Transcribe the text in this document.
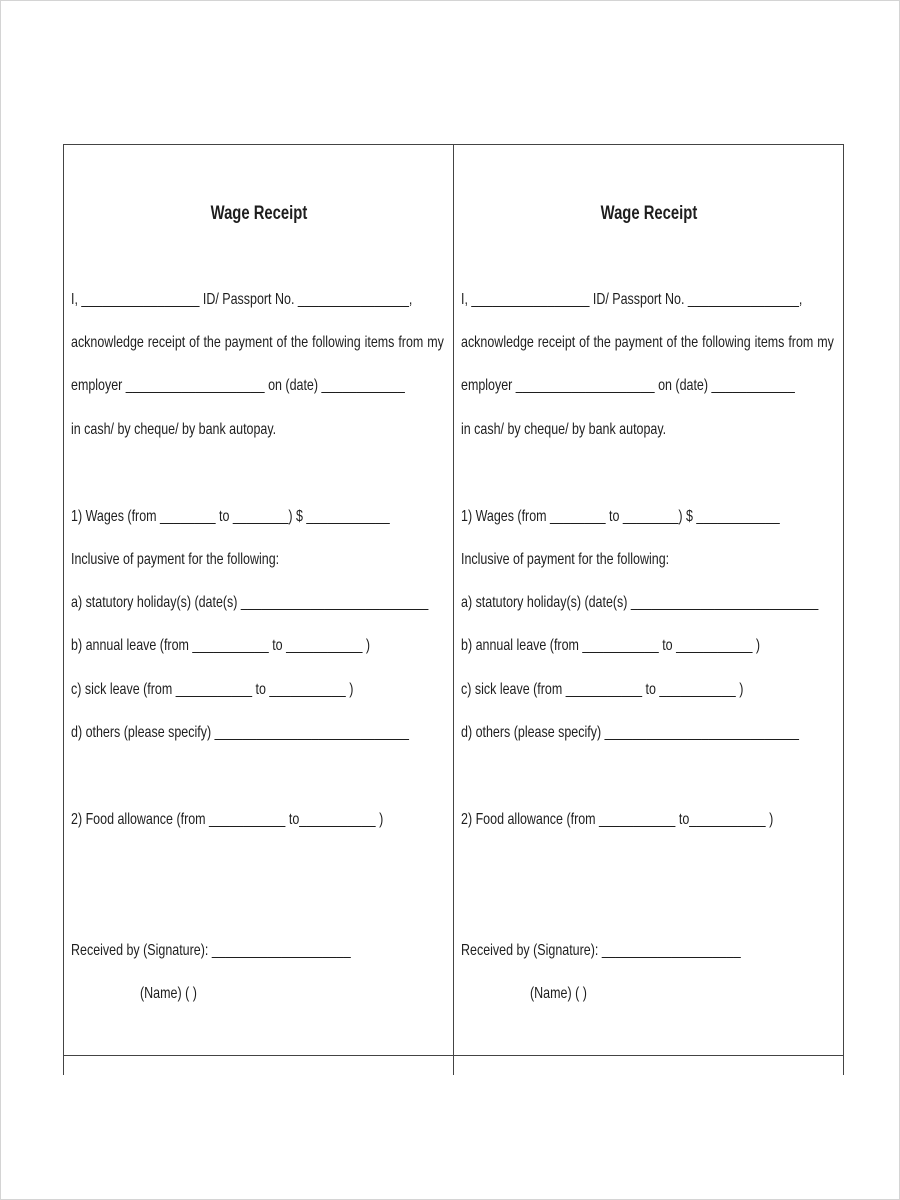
Wage Receipt
I, _________________ ID/ Passport No. ________________,
acknowledge receipt of the payment of the following items from my
employer ____________________ on (date) ____________
in cash/ by cheque/ by bank autopay.
1) Wages (from ________ to ________) $ ____________
Inclusive of payment for the following:
a) statutory holiday(s) (date(s) ___________________________
b) annual leave (from ___________ to ___________ )
c) sick leave (from ___________ to ___________ )
d) others (please specify) ____________________________
2) Food allowance (from ___________ to___________ )
Received by (Signature): ____________________
(Name) ( )
Wage Receipt
I, _________________ ID/ Passport No. ________________,
acknowledge receipt of the payment of the following items from my
employer ____________________ on (date) ____________
in cash/ by cheque/ by bank autopay.
1) Wages (from ________ to ________) $ ____________
Inclusive of payment for the following:
a) statutory holiday(s) (date(s) ___________________________
b) annual leave (from ___________ to ___________ )
c) sick leave (from ___________ to ___________ )
d) others (please specify) ____________________________
2) Food allowance (from ___________ to___________ )
Received by (Signature): ____________________
(Name) ( )
